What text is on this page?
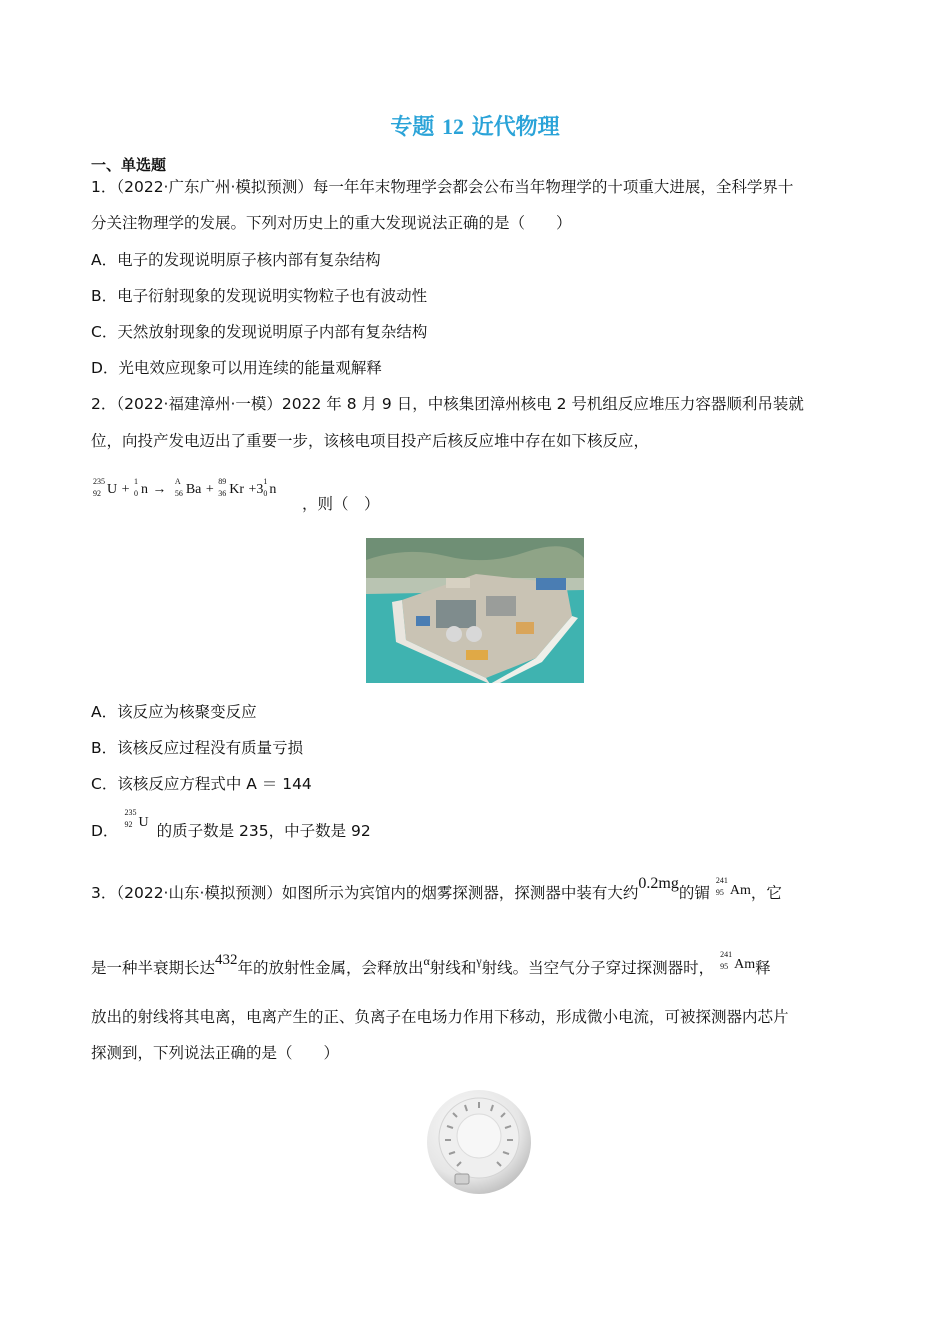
专题 12 近代物理
一、单选题
1．（2022·广东广州·模拟预测）每一年年末物理学会都会公布当年物理学的十项重大进展，全科学界十
分关注物理学的发展。下列对历史上的重大发现说法正确的是（　　）
A．电子的发现说明原子核内部有复杂结构
B．电子衍射现象的发现说明实物粒子也有波动性
C．天然放射现象的发现说明原子内部有复杂结构
D．光电效应现象可以用连续的能量观解释
2．（2022·福建漳州·一模）2022 年 8 月 9 日，中核集团漳州核电 2 号机组反应堆压力容器顺利吊装就
位，向投产发电迈出了重要一步，该核电项目投产后核反应堆中存在如下核反应，
235
92 U +
1
0 n →
A
56 Ba +
89
36 Kr +3
1
0 n
，则（　）
A．该反应为核聚变反应
B．该核反应过程没有质量亏损
C．该核反应方程式中 A ＝ 144
D．
235
92 U 的质子数是 235，中子数是 92
3．（2022·山东·模拟预测）如图所示为宾馆内的烟雾探测器，探测器中装有大约0.2mg的镅
241
95 Am，它
是一种半衰期长达432年的放射性金属，会释放出$^\alpha$射线和$^\gamma$射线。当空气分子穿过探测器时，
241
95 Am释
放出的射线将其电离，电离产生的正、负离子在电场力作用下移动，形成微小电流，可被探测器内芯片
探测到，下列说法正确的是（　　）
